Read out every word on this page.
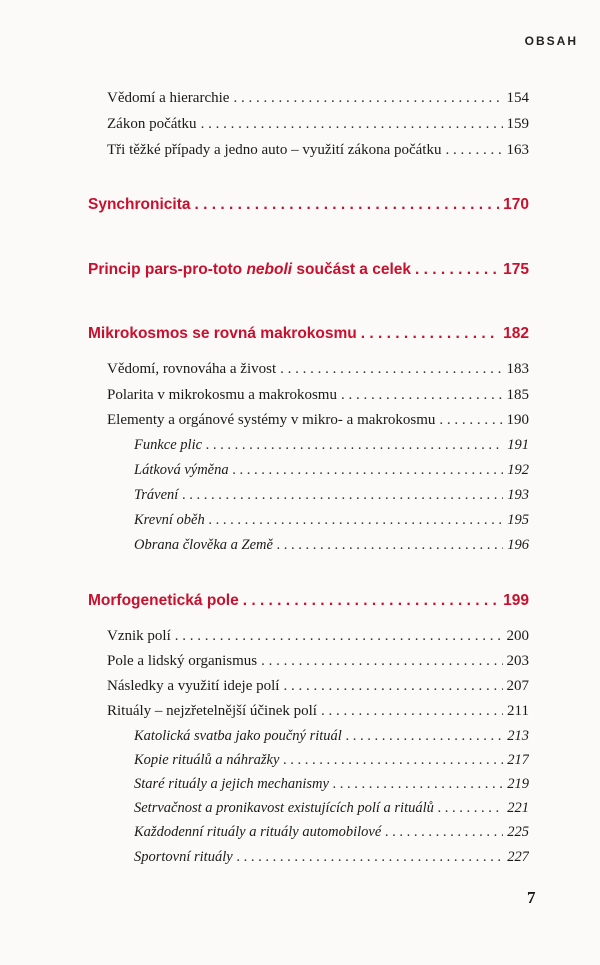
OBSAH
Vědomí a hierarchie . . .	154
Zákon počátku . . .	159
Tři těžké případy a jedno auto – využití zákona počátku . . .	163
Synchronicita . . .	170
Princip pars-pro-toto neboli součást a celek . . .	175
Mikrokosmos se rovná makrokosmu . . .	182
Vědomí, rovnováha a živost . . .	183
Polarita v mikrokosmu a makrokosmu . . .	185
Elementy a orgánové systémy v mikro- a makrokosmu . . .	190
Funkce plic . . .	191
Látková výměna . . .	192
Trávení . . .	193
Krevní oběh . . .	195
Obrana člověka a Země . . .	196
Morfogenetická pole . . .	199
Vznik polí . . .	200
Pole a lidský organismus . . .	203
Následky a využití ideje polí . . .	207
Rituály – nejzřetelnější účinek polí . . .	211
Katolická svatba jako poučný rituál . . .	213
Kopie rituálů a náhražky . . .	217
Staré rituály a jejich mechanismy . . .	219
Setrvačnost a pronikavost existujících polí a rituálů . . .	221
Každodenní rituály a rituály automobilové . . .	225
Sportovní rituály . . .	227
7
